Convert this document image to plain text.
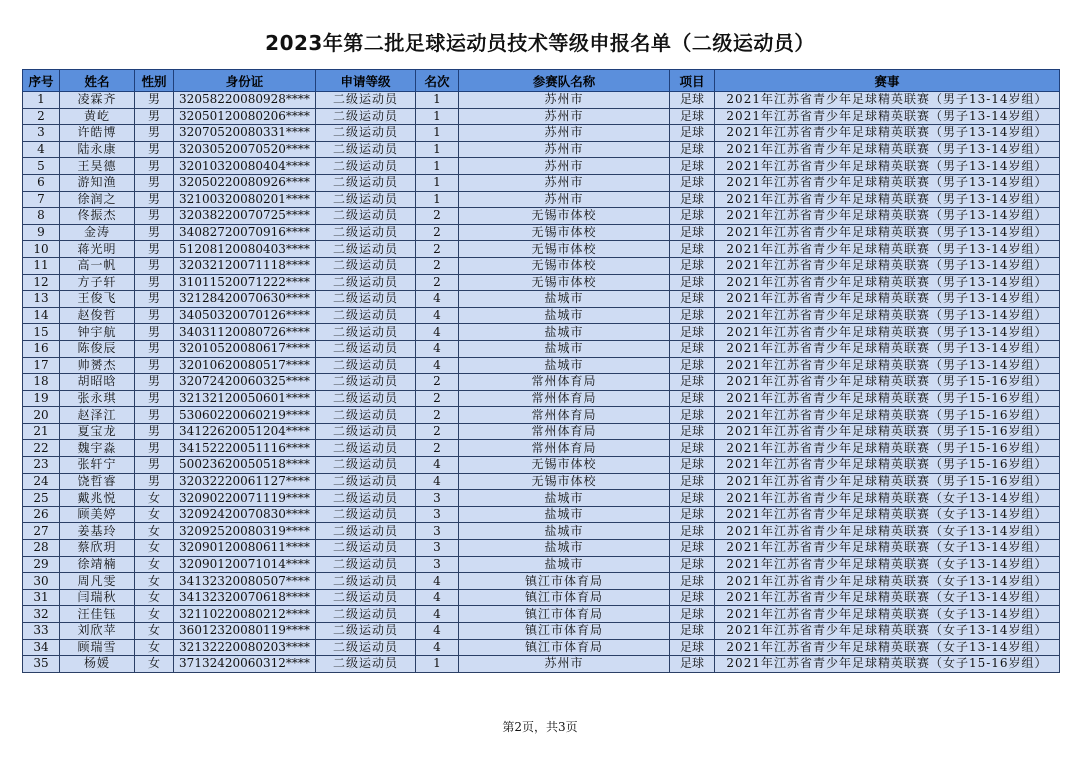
2023年第二批足球运动员技术等级申报名单（二级运动员）
序号	姓名	性别	身份证	申请等级	名次	参赛队名称	项目	赛事
1	凌霖齐	男	32058220080928****	二级运动员	1	苏州市	足球	2021年江苏省青少年足球精英联赛（男子13-14岁组）
2	黄屹	男	32050120080206****	二级运动员	1	苏州市	足球	2021年江苏省青少年足球精英联赛（男子13-14岁组）
3	许皓博	男	32070520080331****	二级运动员	1	苏州市	足球	2021年江苏省青少年足球精英联赛（男子13-14岁组）
4	陆永康	男	32030520070520****	二级运动员	1	苏州市	足球	2021年江苏省青少年足球精英联赛（男子13-14岁组）
5	王昊德	男	32010320080404****	二级运动员	1	苏州市	足球	2021年江苏省青少年足球精英联赛（男子13-14岁组）
6	游知渔	男	32050220080926****	二级运动员	1	苏州市	足球	2021年江苏省青少年足球精英联赛（男子13-14岁组）
7	徐润之	男	32100320080201****	二级运动员	1	苏州市	足球	2021年江苏省青少年足球精英联赛（男子13-14岁组）
8	佟振杰	男	32038220070725****	二级运动员	2	无锡市体校	足球	2021年江苏省青少年足球精英联赛（男子13-14岁组）
9	金涛	男	34082720070916****	二级运动员	2	无锡市体校	足球	2021年江苏省青少年足球精英联赛（男子13-14岁组）
10	蒋光明	男	51208120080403****	二级运动员	2	无锡市体校	足球	2021年江苏省青少年足球精英联赛（男子13-14岁组）
11	高一帆	男	32032120071118****	二级运动员	2	无锡市体校	足球	2021年江苏省青少年足球精英联赛（男子13-14岁组）
12	方子轩	男	31011520071222****	二级运动员	2	无锡市体校	足球	2021年江苏省青少年足球精英联赛（男子13-14岁组）
13	王俊飞	男	32128420070630****	二级运动员	4	盐城市	足球	2021年江苏省青少年足球精英联赛（男子13-14岁组）
14	赵俊哲	男	34050320070126****	二级运动员	4	盐城市	足球	2021年江苏省青少年足球精英联赛（男子13-14岁组）
15	钟宇航	男	34031120080726****	二级运动员	4	盐城市	足球	2021年江苏省青少年足球精英联赛（男子13-14岁组）
16	陈俊辰	男	32010520080617****	二级运动员	4	盐城市	足球	2021年江苏省青少年足球精英联赛（男子13-14岁组）
17	帅赟杰	男	32010620080517****	二级运动员	4	盐城市	足球	2021年江苏省青少年足球精英联赛（男子13-14岁组）
18	胡昭晗	男	32072420060325****	二级运动员	2	常州体育局	足球	2021年江苏省青少年足球精英联赛（男子15-16岁组）
19	张永琪	男	32132120050601****	二级运动员	2	常州体育局	足球	2021年江苏省青少年足球精英联赛（男子15-16岁组）
20	赵泽江	男	53060220060219****	二级运动员	2	常州体育局	足球	2021年江苏省青少年足球精英联赛（男子15-16岁组）
21	夏宝龙	男	34122620051204****	二级运动员	2	常州体育局	足球	2021年江苏省青少年足球精英联赛（男子15-16岁组）
22	魏宇淼	男	34152220051116****	二级运动员	2	常州体育局	足球	2021年江苏省青少年足球精英联赛（男子15-16岁组）
23	张轩宁	男	50023620050518****	二级运动员	4	无锡市体校	足球	2021年江苏省青少年足球精英联赛（男子15-16岁组）
24	饶哲睿	男	32032220061127****	二级运动员	4	无锡市体校	足球	2021年江苏省青少年足球精英联赛（男子15-16岁组）
25	戴兆悦	女	32090220071119****	二级运动员	3	盐城市	足球	2021年江苏省青少年足球精英联赛（女子13-14岁组）
26	顾美婷	女	32092420070830****	二级运动员	3	盐城市	足球	2021年江苏省青少年足球精英联赛（女子13-14岁组）
27	姜基玲	女	32092520080319****	二级运动员	3	盐城市	足球	2021年江苏省青少年足球精英联赛（女子13-14岁组）
28	蔡欣玥	女	32090120080611****	二级运动员	3	盐城市	足球	2021年江苏省青少年足球精英联赛（女子13-14岁组）
29	徐靖楠	女	32090120071014****	二级运动员	3	盐城市	足球	2021年江苏省青少年足球精英联赛（女子13-14岁组）
30	周凡雯	女	34132320080507****	二级运动员	4	镇江市体育局	足球	2021年江苏省青少年足球精英联赛（女子13-14岁组）
31	闫瑞秋	女	34132320070618****	二级运动员	4	镇江市体育局	足球	2021年江苏省青少年足球精英联赛（女子13-14岁组）
32	汪佳钰	女	32110220080212****	二级运动员	4	镇江市体育局	足球	2021年江苏省青少年足球精英联赛（女子13-14岁组）
33	刘欣苹	女	36012320080119****	二级运动员	4	镇江市体育局	足球	2021年江苏省青少年足球精英联赛（女子13-14岁组）
34	顾瑞雪	女	32132220080203****	二级运动员	4	镇江市体育局	足球	2021年江苏省青少年足球精英联赛（女子13-14岁组）
35	杨媛	女	37132420060312****	二级运动员	1	苏州市	足球	2021年江苏省青少年足球精英联赛（女子15-16岁组）
第2页，共3页
